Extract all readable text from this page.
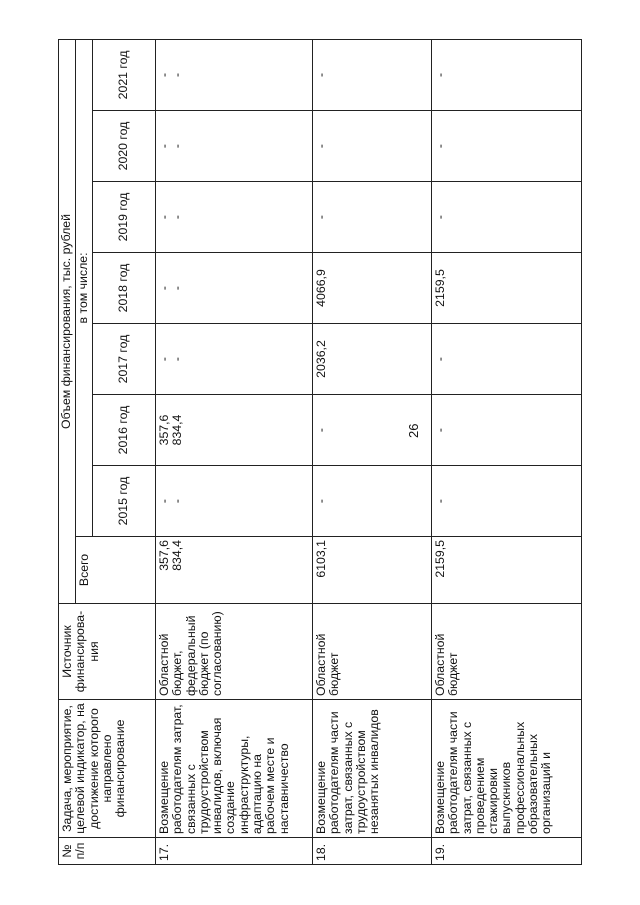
26
№ п/п	Задача, мероприятие, целевой индикатор, на достижение которого направлено финансирование	Источник финансирова-ния	Объем финансирования, тыс. рублей							
			Всего	в том числе:						
				2015 год	2016 год	2017 год	2018 год	2019 год	2020 год	2021 год
17.	Возмещение работодателям затрат, связанных с трудоустройством инвалидов, включая создание инфраструктуры, адаптацию на рабочем месте и наставничество	Областной бюджет, федеральный бюджет (по согласованию)	357,6 834,4	- -	357,6 834,4	- -	- -	- -	- -	- -

18.	Возмещение работодателям части затрат, связанных с трудоустройством незанятых инвалидов	Областной бюджет	6103,1	-	-	2036,2	4066,9	-	-	-
19.	Возмещение работодателям части затрат, связанных с проведением стажировки выпускников профессиональных образовательных организаций и	Областной бюджет	2159,5	-	-	-	2159,5	-	-	-
